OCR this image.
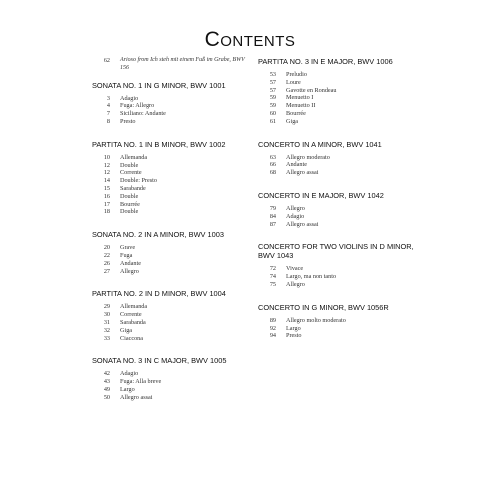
Contents
62 Arioso from Ich steh mit einem Fuß im Grabe, BWV 156
SONATA NO. 1 IN G MINOR, BWV 1001
3 Adagio
4 Fuga: Allegro
7 Siciliano: Andante
8 Presto
PARTITA NO. 1 IN B MINOR, BWV 1002
10 Allemanda
12 Double
12 Corrente
14 Double: Presto
15 Sarabande
16 Double
17 Bourrée
18 Double
SONATA NO. 2 IN A MINOR, BWV 1003
20 Grave
22 Fuga
26 Andante
27 Allegro
PARTITA NO. 2 IN D MINOR, BWV 1004
29 Allemanda
30 Corrente
31 Sarabanda
32 Giga
33 Ciaccona
SONATA NO. 3 IN C MAJOR, BWV 1005
42 Adagio
43 Fuga: Alla breve
49 Largo
50 Allegro assai
PARTITA NO. 3 IN E MAJOR, BWV 1006
53 Preludio
57 Loure
57 Gavotte en Rondeau
59 Menuetto I
59 Menuetto II
60 Bourrée
61 Giga
CONCERTO IN A MINOR, BWV 1041
63 Allegro moderato
66 Andante
68 Allegro assai
CONCERTO IN E MAJOR, BWV 1042
79 Allegro
84 Adagio
87 Allegro assai
CONCERTO FOR TWO VIOLINS IN D MINOR, BWV 1043
72 Vivace
74 Largo, ma non tanto
75 Allegro
CONCERTO IN G MINOR, BWV 1056R
89 Allegro molto moderato
92 Largo
94 Presto
